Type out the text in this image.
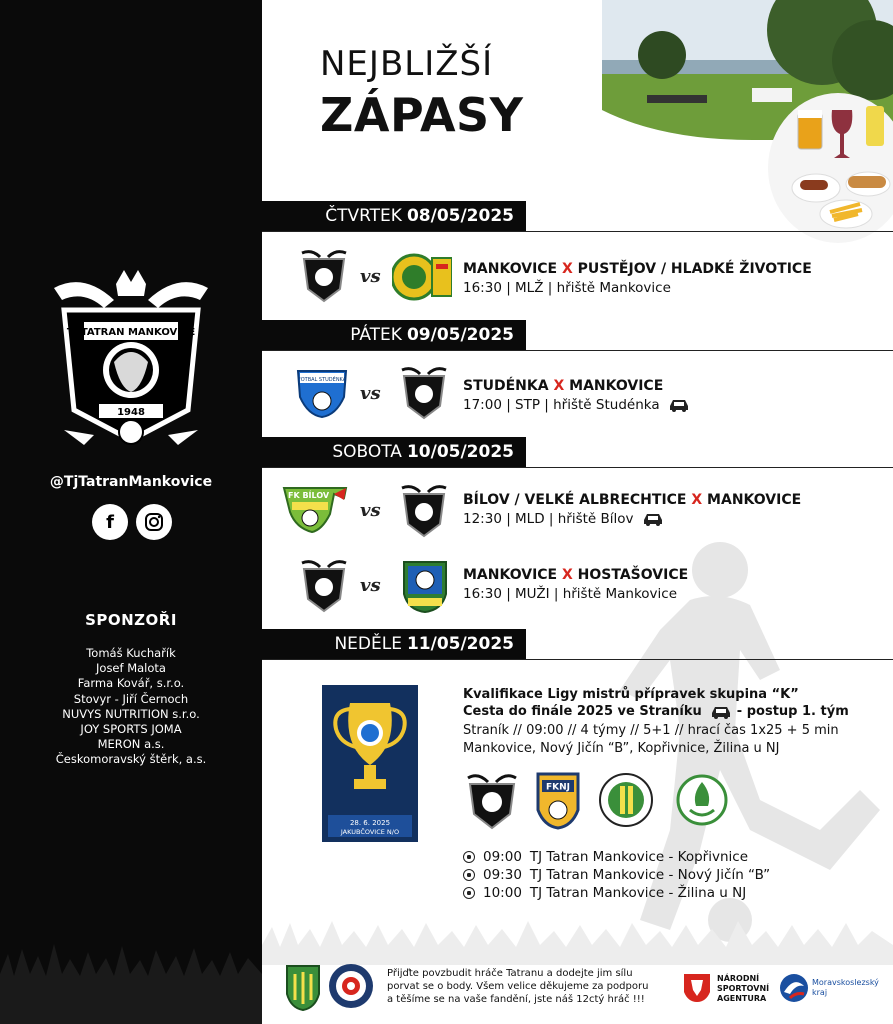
TJ TATRAN MANKOVICE
1948
@TjTatranMankovice
f
SPONZOŘI
Tomáš Kuchařík
Josef Malota
Farma Kovář, s.r.o.
Stovyr - Jiří Černoch
NUVYS NUTRITION s.r.o.
JOY SPORTS JOMA
MERON a.s.
Českomoravský štěrk, a.s.
NEJBLIŽŠÍ
ZÁPASY
ČTVRTEK 08/05/2025
vs	MANKOVICE X PUSTĚJOV / HLADKÉ ŽIVOTICE
16:30 | MLŽ | hřiště Mankovice
PÁTEK 09/05/2025
FOTBAL STUDÉNKA
vs	STUDÉNKA X MANKOVICE
17:00 | STP | hřiště Studénka
SOBOTA 10/05/2025
FK BÍLOV
vs	BÍLOV / VELKÉ ALBRECHTICE X MANKOVICE
12:30 | MLD | hřiště Bílov
vs	MANKOVICE X HOSTAŠOVICE
16:30 | MUŽI | hřiště Mankovice
NEDĚLE 11/05/2025
28. 6. 2025
JAKUBČOVICE N/O
Kvalifikace Ligy mistrů přípravek skupina “K”
Cesta do finále 2025 ve Straníku	- postup 1. tým
Straník // 09:00 // 4 týmy // 5+1 // hrací čas 1x25 + 5 min
Mankovice, Nový Jičín “B”, Kopřivnice, Žilina u NJ
FKNJ
09:00 TJ Tatran Mankovice - Kopřivnice
09:30 TJ Tatran Mankovice - Nový Jičín “B”
10:00 TJ Tatran Mankovice - Žilina u NJ
Přijďte povzbudit hráče Tatranu a dodejte jim sílu
porvat se o body. Všem velice děkujeme za podporu
a těšíme se na vaše fandění, jste náš 12ctý hráč !!!
NÁRODNÍ
SPORTOVNÍ
AGENTURA
Moravskoslezský
kraj
